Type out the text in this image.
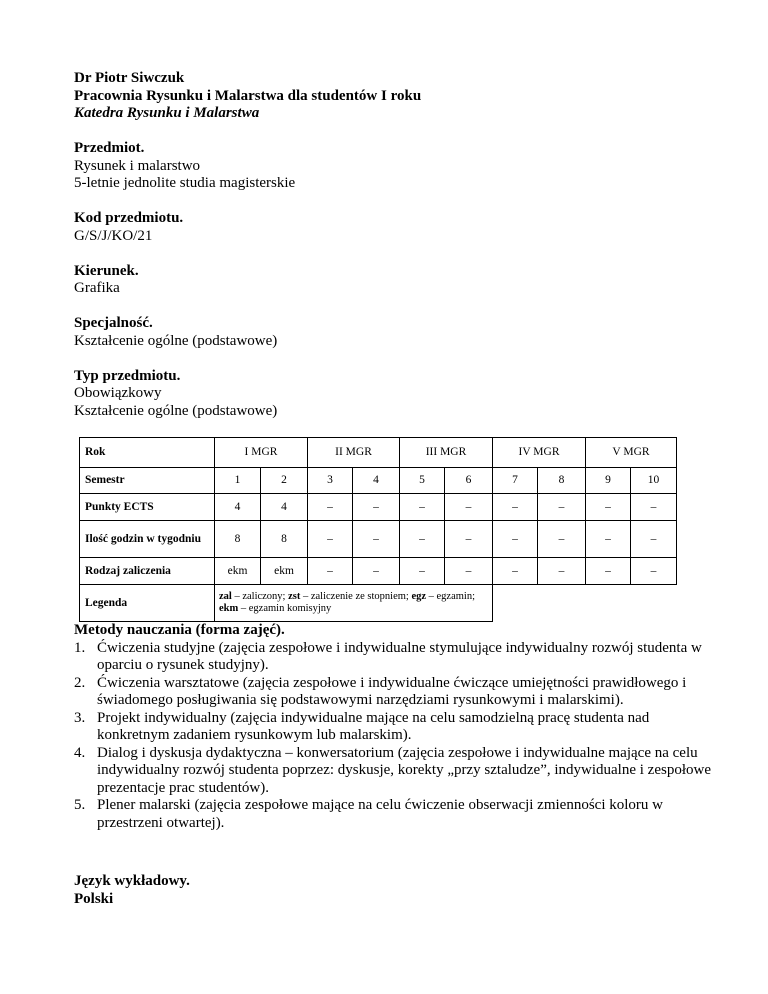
Dr Piotr Siwczuk
Pracownia Rysunku i Malarstwa dla studentów I roku
Katedra Rysunku i Malarstwa
Przedmiot.
Rysunek i malarstwo
5-letnie jednolite studia magisterskie
Kod przedmiotu.
G/S/J/KO/21
Kierunek.
Grafika
Specjalność.
Kształcenie ogólne (podstawowe)
Typ przedmiotu.
Obowiązkowy
Kształcenie ogólne (podstawowe)
Rok	I MGR		II MGR		III MGR		IV MGR		V MGR	
Semestr	1	2	3	4	5	6	7	8	9	10
Punkty ECTS	4	4	–	–	–	–	–	–	–	–
Ilość godzin w tygodniu	8	8	–	–	–	–	–	–	–	–
Rodzaj zaliczenia	ekm	ekm	–	–	–	–	–	–	–	–
Legenda	zal – zaliczony; zst – zaliczenie ze stopniem; egz – egzamin; ekm – egzamin komisyjny									
Metody nauczania (forma zajęć).
1. Ćwiczenia studyjne (zajęcia zespołowe i indywidualne stymulujące indywidualny rozwój studenta w oparciu o rysunek studyjny).
2. Ćwiczenia warsztatowe (zajęcia zespołowe i indywidualne ćwiczące umiejętności prawidłowego i świadomego posługiwania się podstawowymi narzędziami rysunkowymi i malarskimi).
3. Projekt indywidualny (zajęcia indywidualne mające na celu samodzielną pracę studenta nad konkretnym zadaniem rysunkowym lub malarskim).
4. Dialog i dyskusja dydaktyczna – konwersatorium (zajęcia zespołowe i indywidualne mające na celu indywidualny rozwój studenta poprzez: dyskusje, korekty „przy sztaludze”, indywidualne i zespołowe prezentacje prac studentów).
5. Plener malarski (zajęcia zespołowe mające na celu ćwiczenie obserwacji zmienności koloru w przestrzeni otwartej).
Język wykładowy.
Polski
